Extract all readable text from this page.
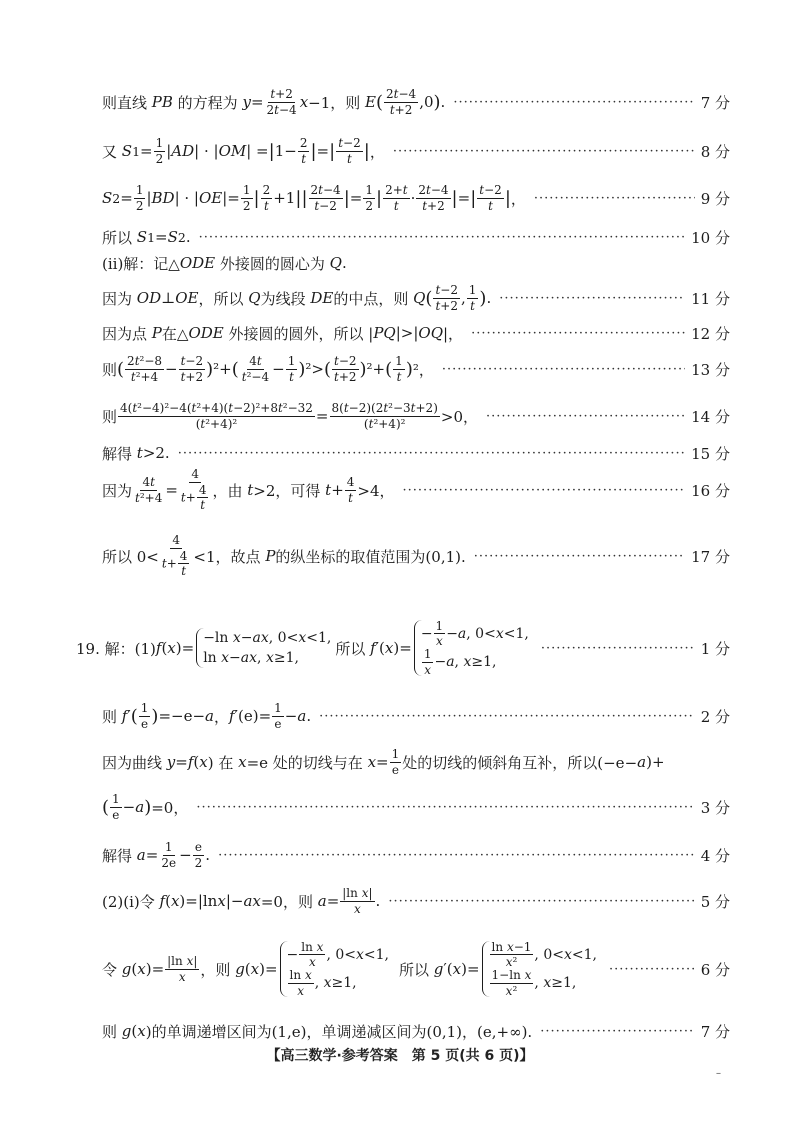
则直线 PB 的方程为 y = t+2
2t−4 x −1，则 E ( 2t−4
t+2 ,0 ) . ·····	7 分
又 S 1 = 1
2 | AD | · | OM | = | 1− 2
t | = | t−2
t | ， ·····	8 分
S 2 = 1
2 | BD | · | OE |= 1
2 | 2
t +1 | | 2t−4
t−2 | = 1
2 | 2+t
t · 2t−4
t+2 | = | t−2
t | ， ·····	9 分
所以 S 1 = S 2 . ·····	10 分
(ⅱ)解：记△ ODE 外接圆的圆心为 Q .
因为 OD ⊥ OE ，所以 Q 为线段 DE 的中点，则 Q ( t−2
t+2 , 1
t ) . ·····	11 分
因为点 P 在△ ODE 外接圆的圆外，所以 | PQ |>| OQ |， ·····	12 分
则 ( 2t²−8
t²+4 − t−2
t+2 ) ²+ ( 4t
t²−4 − 1
t ) ²> ( t−2
t+2 ) ²+ ( 1
t ) ²， ·····	13 分
则 4(t²−4)²−4(t²+4)(t−2)²+8t²−32
(t²+4)²	= 8(t−2)(2t²−3t+2)
(t²+4)² >0， ·····	14 分
解得 t >2. ·····	15 分
因为 4t
t²+4 =
4
$t+ \frac{4}{t}$ ，由 t >2，可得 t + 4
t >4， ·····	16 分
所以 0<
4
$t+ \frac{4}{t} <1$，故点 P 的纵坐标的取值范围为(0,1). ·····	17 分
19. 解：(1) f ( x )=
−ln x−ax, 0<x<1,
ln x−ax, x≥1,
所以 f ′( x )=
− $\frac{1}{x} -a$, 0<x<1,
$\frac{1}{x} -a$, x≥1,
·····
1 分
则 f ′ ( 1
e ) =−e− a ， f ′(e)= 1
e − a . ·····	2 分
因为曲线 y = f ( x ) 在 x =e 处的切线与在 x = 1
e 处的切线的倾斜角互补，所以(−e− a )+
( 1
e − a ) =0， ·····	3 分
解得 a = 1
2e − e
2 . ·····	4 分
(2)(ⅰ)令 f ( x )=|ln x |− ax =0，则 a = |ln x|
x . ·····	5 分
令 g ( x )= |ln x|
x ，则 g ( x )=
− $\frac{\text{ln x}}{x}$ , 0<x<1,
$\frac{\text{ln x}}{x}$ , x≥1,
所以 g ′( x )= $\frac{\text{ln x−1}}{\text{x²}}$ , 0<x<1,
$\frac{\text{1−ln x}}{\text{x²}}$ , x≥1,
·····
6 分
则 g ( x )的单调递增区间为(1,e)，单调递减区间为(0,1)，(e,+∞). ·····	7 分
【高三数学·参考答案　第 5 页(共 6 页)】
–
